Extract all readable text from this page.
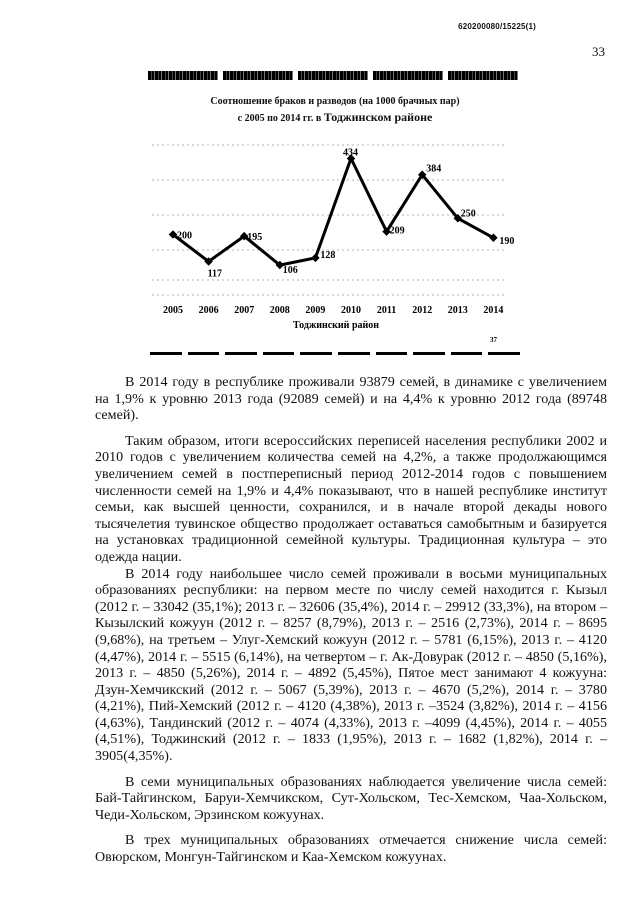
620200080/15225(1)
33
Соотношение браков и разводов (на 1000 брачных пар)
с 2005 по 2014 гг. в Тоджинском районе
200
117
195
106
128
434
209
384
250
190
2005 2006 2007 2008 2009 2010 2011 2012 2013 2014
Тоджинский район
37

В 2014 году в республике проживали 93879 семей, в динамике с увеличением на 1,9% к уровню 2013 года (92089 семей) и на 4,4% к уровню 2012 года (89748 семей).

Таким образом, итоги всероссийских переписей населения республики 2002 и 2010 годов с увеличением количества семей на 4,2%, а также продолжающимся увеличением семей в постпереписный период 2012-2014 годов с повышением численности семей на 1,9% и 4,4% показывают, что в нашей республике институт семьи, как высшей ценности, сохранился, и в начале второй декады нового тысячелетия тувинское общество продолжает оставаться самобытным и базируется на установках традиционной семейной культуры. Традиционная культура – это одежда нации.

В 2014 году наибольшее число семей проживали в восьми муниципальных образованиях республики: на первом месте по числу семей находится г. Кызыл (2012 г. – 33042 (35,1%); 2013 г. – 32606 (35,4%), 2014 г. – 29912 (33,3%), на втором – Кызылский кожуун (2012 г. – 8257 (8,79%), 2013 г. – 2516 (2,73%), 2014 г. – 8695 (9,68%), на третьем – Улуг-Хемский кожуун (2012 г. – 5781 (6,15%), 2013 г. – 4120 (4,47%), 2014 г. – 5515 (6,14%), на четвертом – г. Ак-Довурак (2012 г. – 4850 (5,16%), 2013 г. – 4850 (5,26%), 2014 г. – 4892 (5,45%), Пятое мест занимают 4 кожууна: Дзун-Хемчикский (2012 г. – 5067 (5,39%), 2013 г. – 4670 (5,2%), 2014 г. – 3780 (4,21%), Пий-Хемский (2012 г. – 4120 (4,38%), 2013 г. –3524 (3,82%), 2014 г. – 4156 (4,63%), Тандинский (2012 г. – 4074 (4,33%), 2013 г. –4099 (4,45%), 2014 г. – 4055 (4,51%), Тоджинский (2012 г. – 1833 (1,95%), 2013 г. – 1682 (1,82%), 2014 г. – 3905(4,35%).

В семи муниципальных образованиях наблюдается увеличение числа семей: Бай-Тайгинском, Баруи-Хемчикском, Сут-Хольском, Тес-Хемском, Чаа-Хольском, Чеди-Хольском, Эрзинском кожуунах.

В трех муниципальных образованиях отмечается снижение числа семей: Овюрском, Монгун-Тайгинском и Каа-Хемском кожуунах.
